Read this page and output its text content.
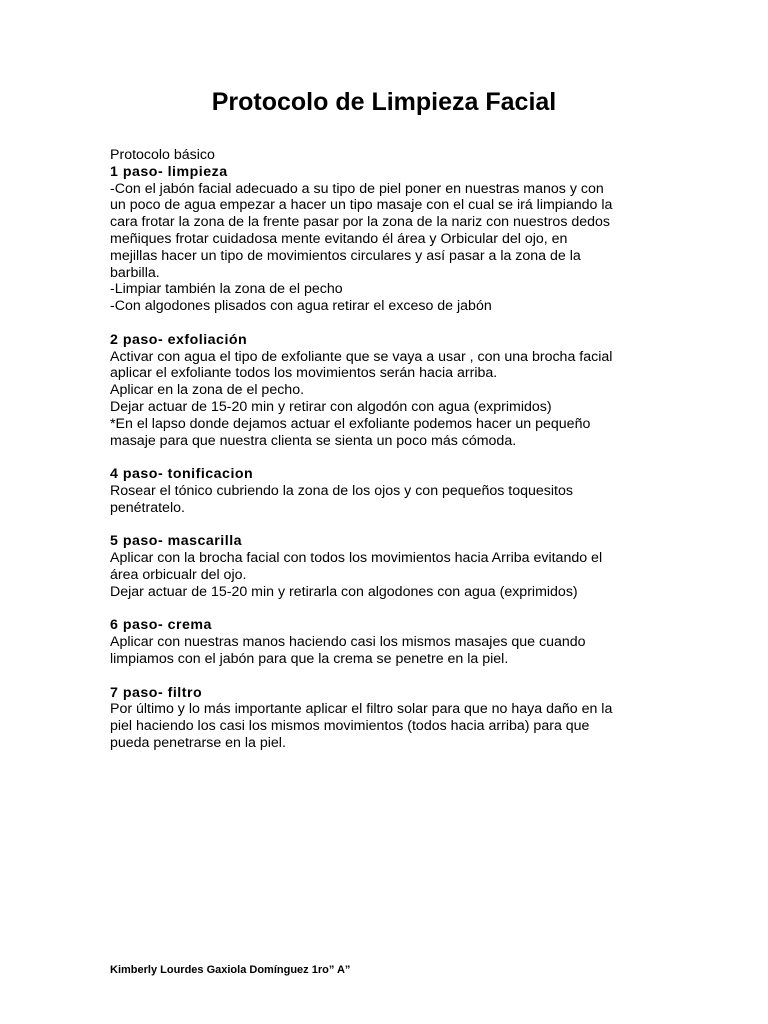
Protocolo de Limpieza Facial
Protocolo básico
1 paso- limpieza
-Con el jabón facial adecuado a su tipo de piel poner en nuestras manos y con
un poco de agua empezar a hacer un tipo masaje con el cual se irá limpiando la
cara frotar la zona de la frente pasar por la zona de la nariz con nuestros dedos
meñiques frotar cuidadosa mente evitando él área y Orbicular del ojo, en
mejillas hacer un tipo de movimientos circulares y así pasar a la zona de la
barbilla.
-Limpiar también la zona de el pecho
-Con algodones plisados con agua retirar el exceso de jabón
2 paso- exfoliación
Activar con agua el tipo de exfoliante que se vaya a usar , con una brocha facial
aplicar el exfoliante todos los movimientos serán hacia arriba.
Aplicar en la zona de el pecho.
Dejar actuar de 15-20 min y retirar con algodón con agua (exprimidos)
*En el lapso donde dejamos actuar el exfoliante podemos hacer un pequeño
masaje para que nuestra clienta se sienta un poco más cómoda.
4 paso- tonificacion
Rosear el tónico cubriendo la zona de los ojos y con pequeños toquesitos
penétratelo.
5 paso- mascarilla
Aplicar con la brocha facial con todos los movimientos hacia Arriba evitando el
área orbicualr del ojo.
Dejar actuar de 15-20 min y retirarla con algodones con agua (exprimidos)
6 paso- crema
Aplicar con nuestras manos haciendo casi los mismos masajes que cuando
limpiamos con el jabón para que la crema se penetre en la piel.
7 paso- filtro
Por último y lo más importante aplicar el filtro solar para que no haya daño en la
piel haciendo los casi los mismos movimientos (todos hacia arriba) para que
pueda penetrarse en la piel.
Kimberly Lourdes Gaxiola Domínguez 1ro” A”
